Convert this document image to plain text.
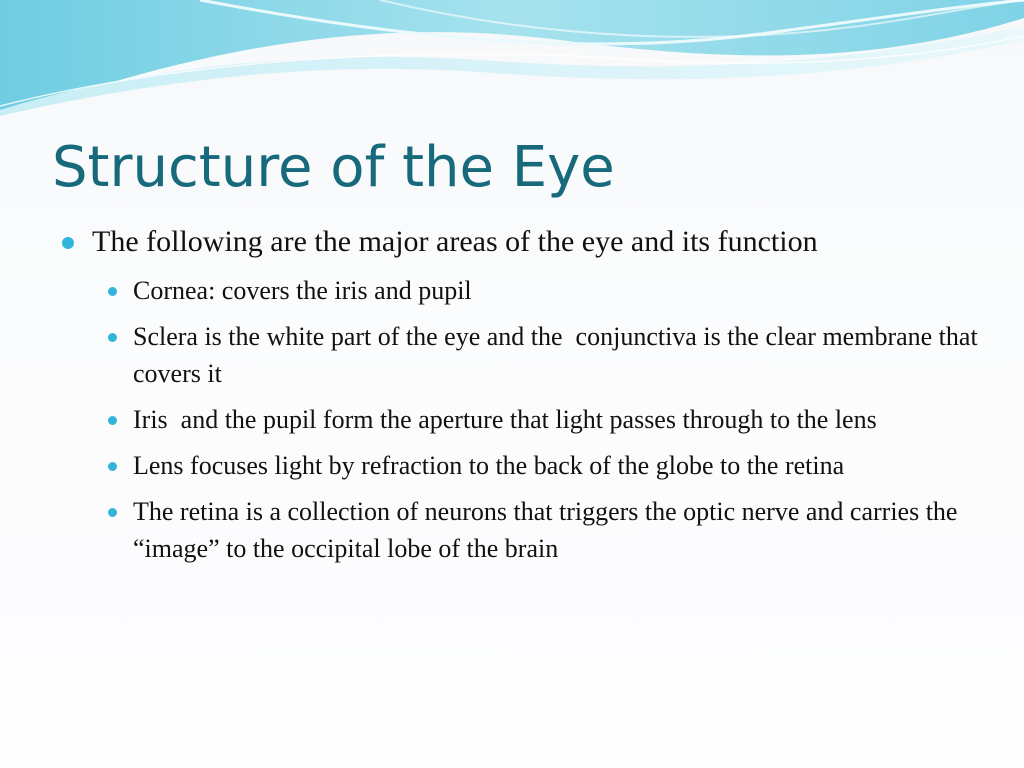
Structure of the Eye

The following are the major areas of the eye and its function

Cornea: covers the iris and pupil
Sclera is the white part of the eye and the  conjunctiva is the clear membrane that covers it
Iris  and the pupil form the aperture that light passes through to the lens
Lens focuses light by refraction to the back of the globe to the retina
The retina is a collection of neurons that triggers the optic nerve and carries the “image” to the occipital lobe of the brain
